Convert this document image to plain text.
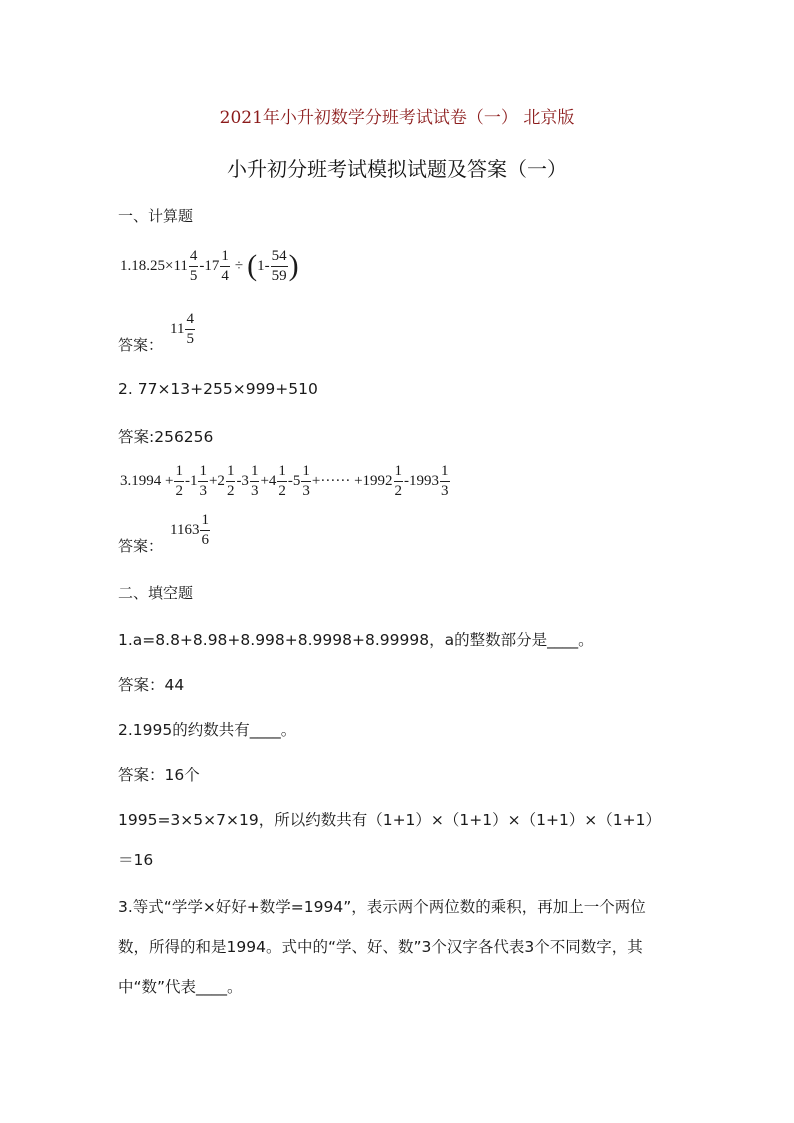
2021年小升初数学分班考试试卷（一） 北京版
小升初分班考试模拟试题及答案（一）
一、计算题
$1.18.25\times 11 \frac{4}{5} -17 \frac{1}{4}$ ÷ ( $1- \frac{54}{59}$ )
答案：
$11 \frac{4}{5}$
2. 77×13+255×999+510
答案:256256
$3.1994 + \frac{1}{2} -1 \frac{1}{3} +2 \frac{1}{2} -3 \frac{1}{3} +4 \frac{1}{2} -5 \frac{1}{3}$ +······ $+1992 \frac{1}{2} -1993 \frac{1}{3}$
答案：
$1163 \frac{1}{6}$
二、填空题
1.a=8.8+8.98+8.998+8.9998+8.99998，a的整数部分是____。
答案：44
2.1995的约数共有____。
答案：16个
1995=3×5×7×19，所以约数共有（1+1）×（1+1）×（1+1）×（1+1）
＝16
3.等式“学学×好好+数学=1994”，表示两个两位数的乘积，再加上一个两位
数，所得的和是1994。式中的“学、好、数”3个汉字各代表3个不同数字，其
中“数”代表____。
